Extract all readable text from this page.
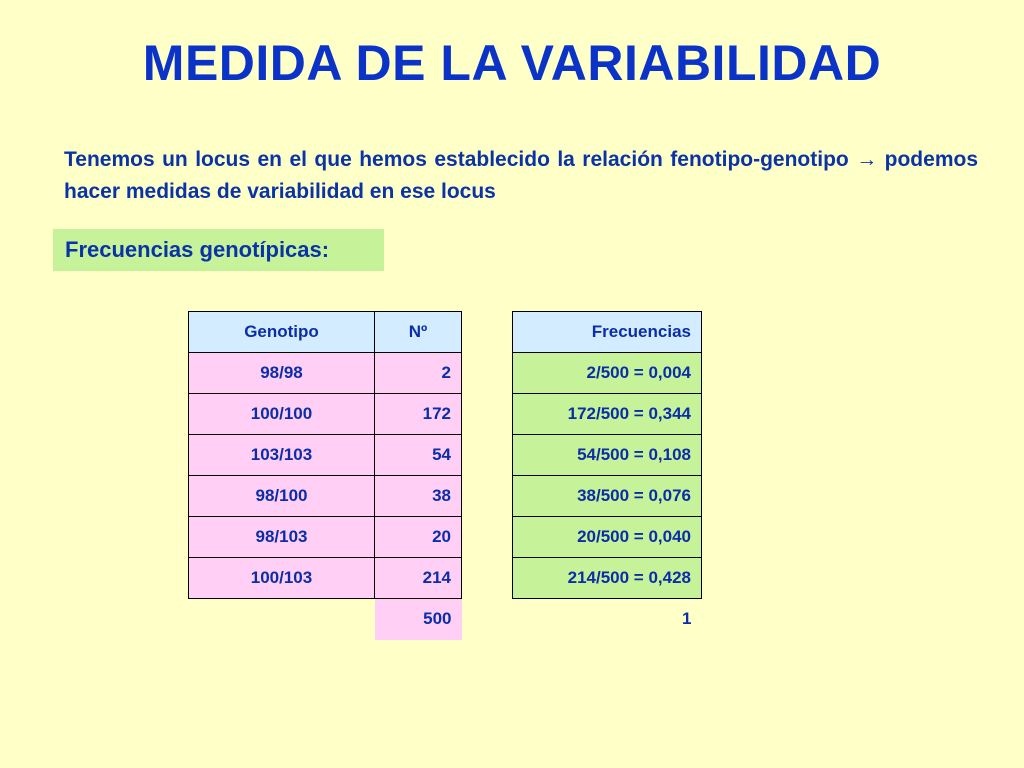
MEDIDA DE LA VARIABILIDAD
Tenemos un locus en el que hemos establecido la relación fenotipo-genotipo → podemos hacer medidas de variabilidad en ese locus
Frecuencias genotípicas:
Genotipo	Nº
98/98	2
100/100	172
103/103	54
98/100	38
98/103	20
100/103	214
	500
Frecuencias
2/500 = 0,004
172/500 = 0,344
54/500 = 0,108
38/500 = 0,076
20/500 = 0,040
214/500 = 0,428
1
